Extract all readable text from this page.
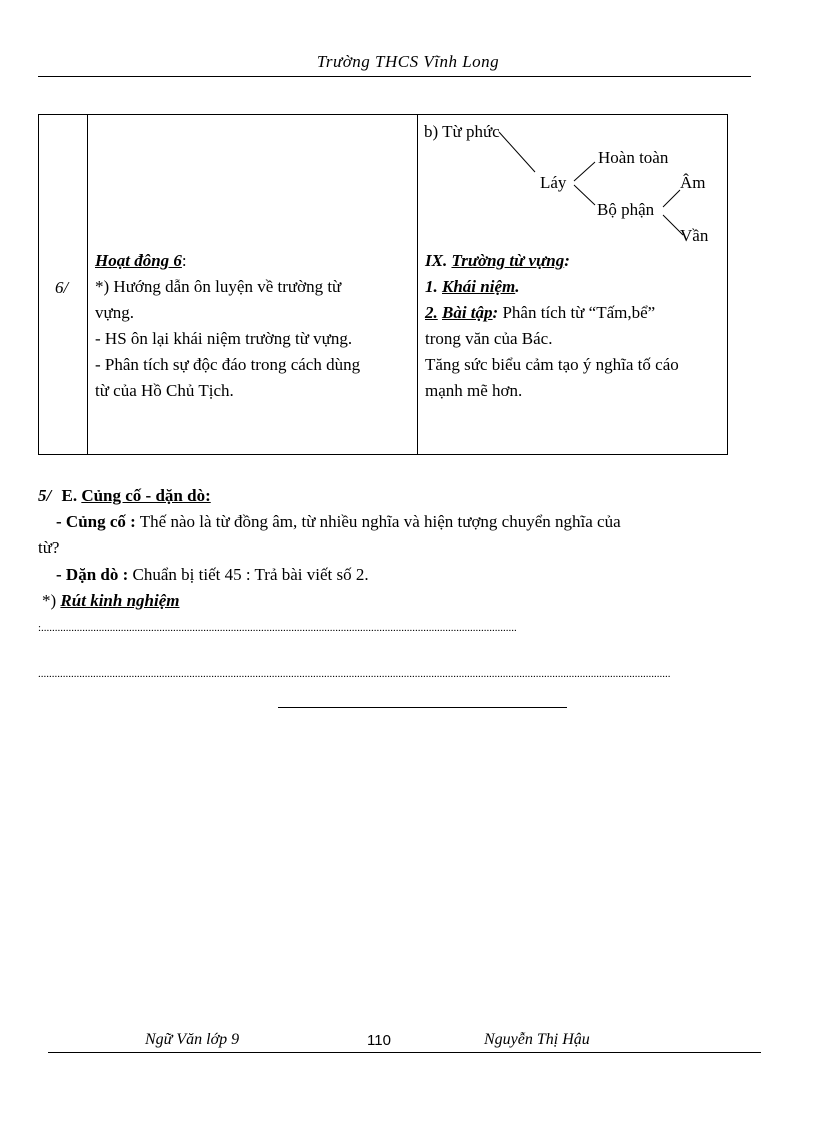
Trường THCS Vĩnh Long
6/

Hoạt đông 6:
*) Hướng dẫn ôn luyện về trường từ
vựng.
- HS ôn lại khái niệm trường từ vựng.
- Phân tích sự độc đáo trong cách dùng
từ của Hồ Chủ Tịch.

b) Từ phức
Hoàn toàn
Láy	Âm
Bộ phận
Vần
IX. Trường từ vựng:
1. Khái niệm.
2. Bài tập: Phân tích từ “Tấm,bể”
trong văn của Bác.
Tăng sức biểu cảm tạo ý nghĩa tố cáo
mạnh mẽ hơn.
5/ E. Củng cố - dặn dò:
- Củng cố : Thế nào là từ đồng âm, từ nhiều nghĩa và hiện tượng chuyển nghĩa của
từ?
- Dặn dò : Chuẩn bị tiết 45 : Trả bài viết số 2.
*) Rút kinh nghiệm
:.............................................................................................................................................................................
......................................................................................................................................................................................................................................
Ngữ Văn lớp 9	110	Nguyễn Thị Hậu
